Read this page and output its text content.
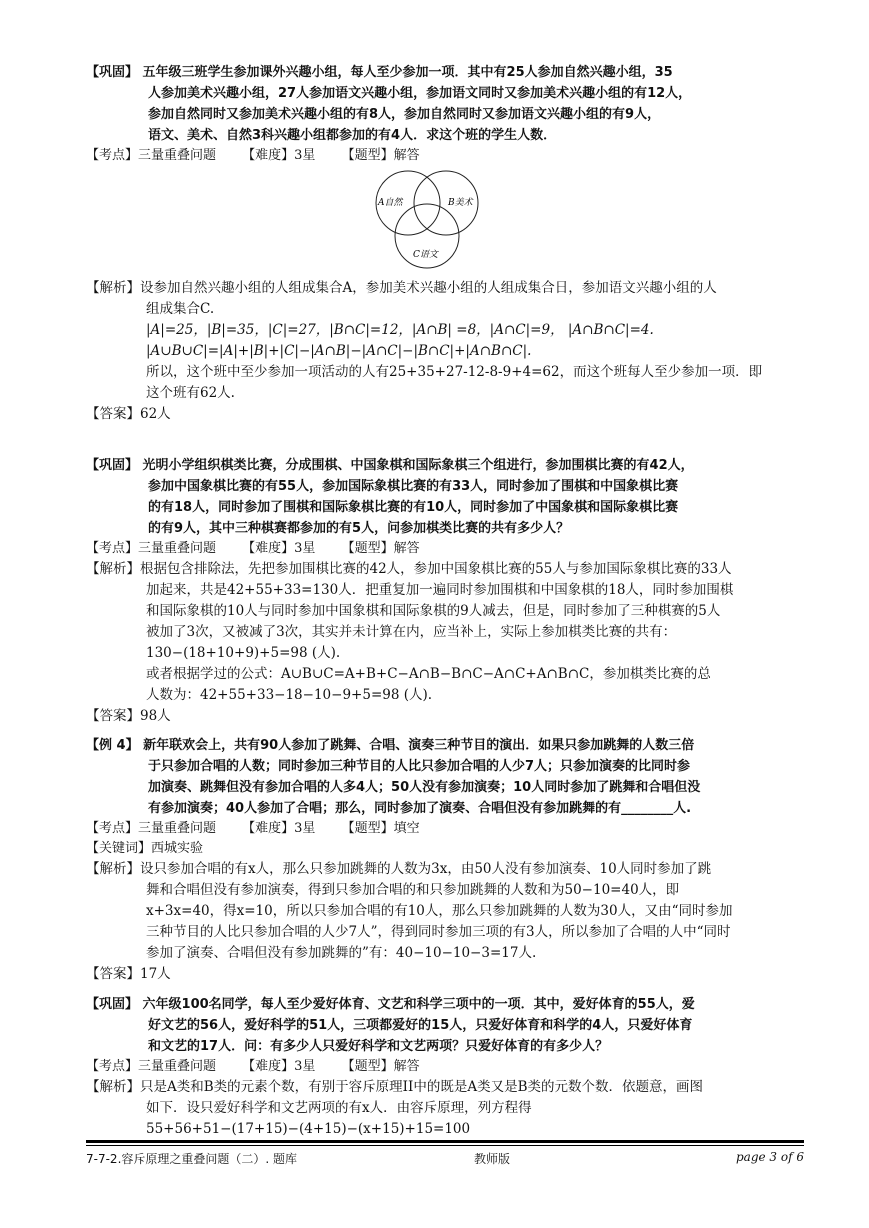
【巩固】 五年级三班学生参加课外兴趣小组，每人至少参加一项．其中有25人参加自然兴趣小组，35
人参加美术兴趣小组，27人参加语文兴趣小组，参加语文同时又参加美术兴趣小组的有12人，
参加自然同时又参加美术兴趣小组的有8人，参加自然同时又参加语文兴趣小组的有9人，
语文、美术、自然3科兴趣小组都参加的有4人．求这个班的学生人数．
【考点】三量重叠问题 【难度】3星 【题型】解答
A自然	B美术
C语文
【解析】设参加自然兴趣小组的人组成集合A，参加美术兴趣小组的人组成集合日，参加语文兴趣小组的人
组成集合C.
|A|=25，|B|=35，|C|=27，|B∩C|=12，|A∩B| =8，|A∩C|=9， |A∩B∩C|=4.
|A∪B∪C|=|A|+|B|+|C|−|A∩B|−|A∩C|−|B∩C|+|A∩B∩C|.
所以，这个班中至少参加一项活动的人有25+35+27-12-8-9+4=62，而这个班每人至少参加一项．即
这个班有62人.
【答案】62人
【巩固】 光明小学组织棋类比赛，分成围棋、中国象棋和国际象棋三个组进行，参加围棋比赛的有42人，
参加中国象棋比赛的有55人，参加国际象棋比赛的有33人，同时参加了围棋和中国象棋比赛
的有18人，同时参加了围棋和国际象棋比赛的有10人，同时参加了中国象棋和国际象棋比赛
的有9人，其中三种棋赛都参加的有5人，问参加棋类比赛的共有多少人？
【考点】三量重叠问题 【难度】3星 【题型】解答
【解析】根据包含排除法，先把参加围棋比赛的42人，参加中国象棋比赛的55人与参加国际象棋比赛的33人
加起来，共是42+55+33=130人．把重复加一遍同时参加围棋和中国象棋的18人，同时参加围棋
和国际象棋的10人与同时参加中国象棋和国际象棋的9人减去，但是，同时参加了三种棋赛的5人
被加了3次，又被减了3次，其实并未计算在内，应当补上，实际上参加棋类比赛的共有：
130−(18+10+9)+5=98 (人).
或者根据学过的公式：A∪B∪C=A+B+C−A∩B−B∩C−A∩C+A∩B∩C，参加棋类比赛的总
人数为：42+55+33−18−10−9+5=98 (人).
【答案】98人
【例 4】 新年联欢会上，共有90人参加了跳舞、合唱、演奏三种节目的演出．如果只参加跳舞的人数三倍
于只参加合唱的人数；同时参加三种节目的人比只参加合唱的人少7人；只参加演奏的比同时参
加演奏、跳舞但没有参加合唱的人多4人；50人没有参加演奏；10人同时参加了跳舞和合唱但没
有参加演奏；40人参加了合唱；那么，同时参加了演奏、合唱但没有参加跳舞的有________人.
【考点】三量重叠问题 【难度】3星 【题型】填空
【关键词】西城实验
【解析】设只参加合唱的有x人，那么只参加跳舞的人数为3x，由50人没有参加演奏、10人同时参加了跳
舞和合唱但没有参加演奏，得到只参加合唱的和只参加跳舞的人数和为50−10=40人，即
x+3x=40，得x=10，所以只参加合唱的有10人，那么只参加跳舞的人数为30人，又由“同时参加
三种节目的人比只参加合唱的人少7人”，得到同时参加三项的有3人，所以参加了合唱的人中“同时
参加了演奏、合唱但没有参加跳舞的”有：40−10−10−3=17人.
【答案】17人
【巩固】 六年级100名同学，每人至少爱好体育、文艺和科学三项中的一项．其中，爱好体育的55人，爱
好文艺的56人，爱好科学的51人，三项都爱好的15人，只爱好体育和科学的4人，只爱好体育
和文艺的17人．问：有多少人只爱好科学和文艺两项？只爱好体育的有多少人？
【考点】三量重叠问题 【难度】3星 【题型】解答
【解析】只是A类和B类的元素个数，有别于容斥原理II中的既是A类又是B类的元数个数．依题意，画图
如下．设只爱好科学和文艺两项的有x人．由容斥原理，列方程得
55+56+51−(17+15)−(4+15)−(x+15)+15=100
7-7-2.容斥原理之重叠问题（二）. 题库	教师版	page 3 of 6
